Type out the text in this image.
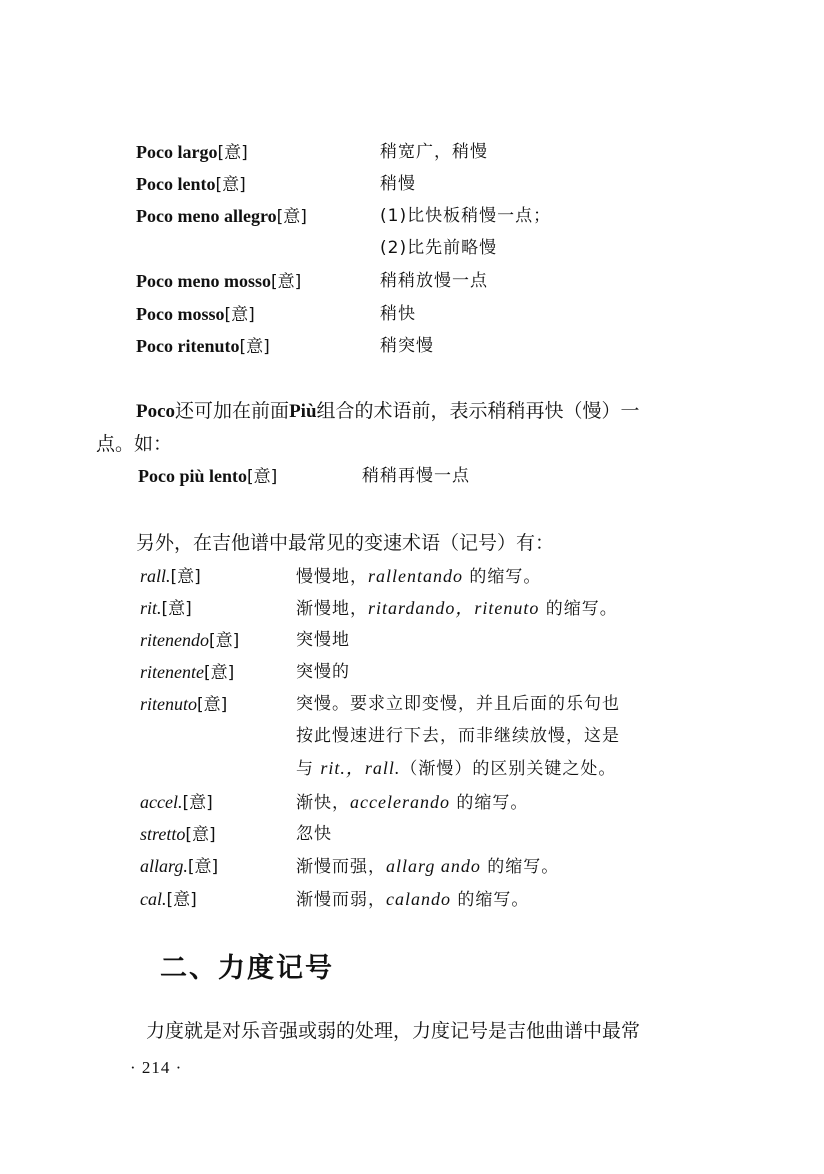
Poco largo[意]	稍宽广，稍慢
Poco lento[意]	稍慢
Poco meno allegro[意]	(1)比快板稍慢一点；
(2)比先前略慢
Poco meno mosso[意]	稍稍放慢一点
Poco mosso[意]	稍快
Poco ritenuto[意]	稍突慢
Poco还可加在前面Più组合的术语前，表示稍稍再快（慢）一
点。如：
Poco più lento[意]	稍稍再慢一点
另外，在吉他谱中最常见的变速术语（记号）有：
rall.[意]	慢慢地，rallentando 的缩写。
rit.[意]	渐慢地，ritardando，ritenuto 的缩写。
ritenendo[意]	突慢地
ritenente[意]	突慢的
ritenuto[意]	突慢。要求立即变慢，并且后面的乐句也
按此慢速进行下去，而非继续放慢，这是
与 rit.，rall.（渐慢）的区别关键之处。
accel.[意]	渐快，accelerando 的缩写。
stretto[意]	忽快
allarg.[意]	渐慢而强，allarg ando 的缩写。
cal.[意]	渐慢而弱，calando 的缩写。
二、力度记号
力度就是对乐音强或弱的处理，力度记号是吉他曲谱中最常
· 214 ·
